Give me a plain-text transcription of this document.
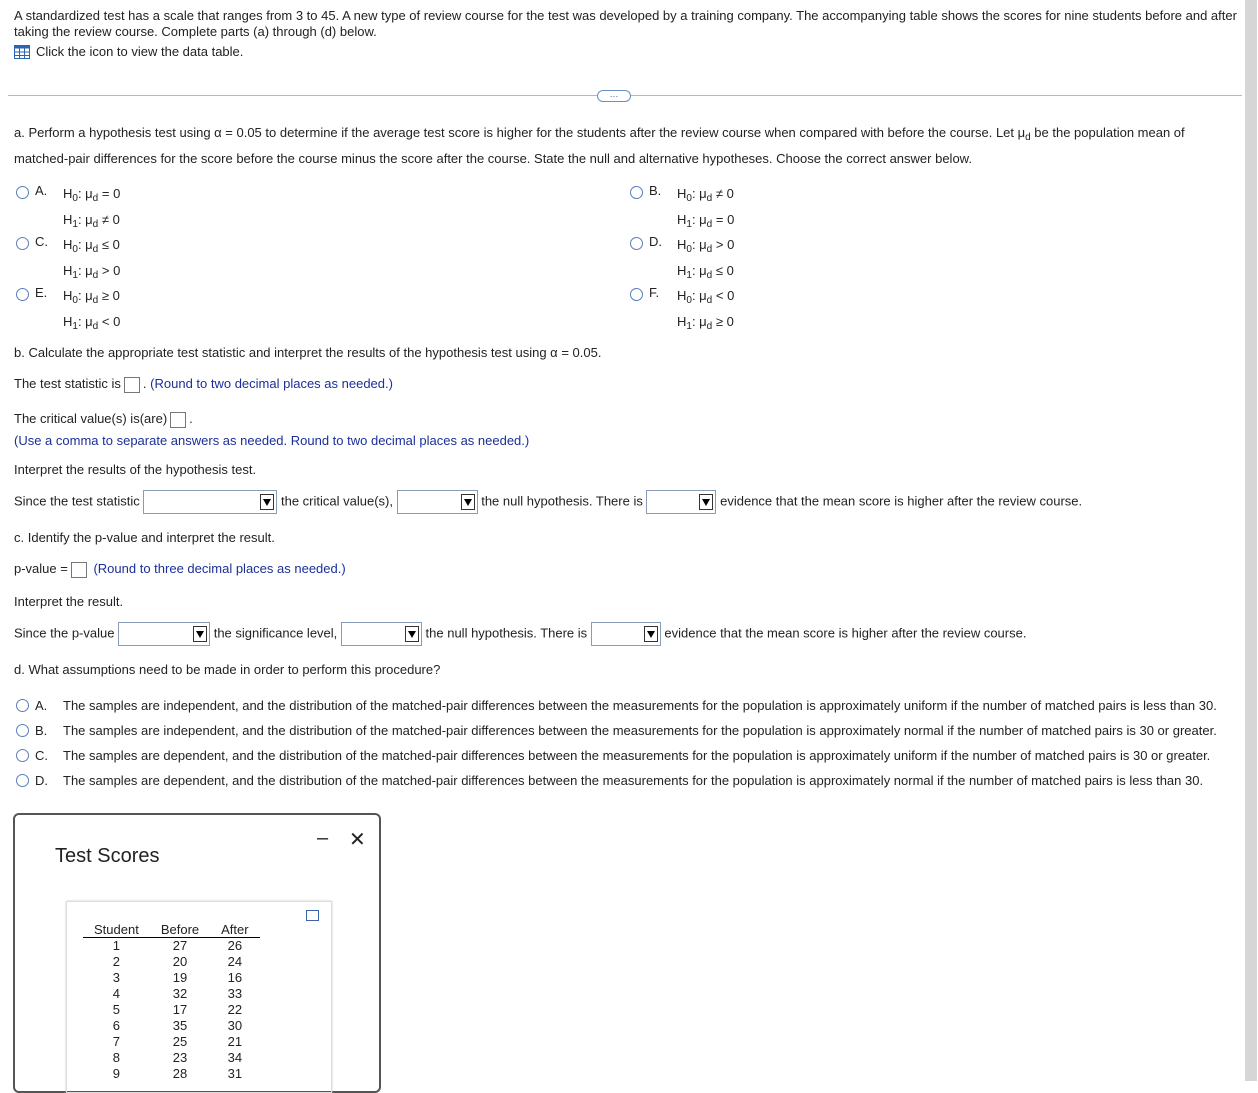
A standardized test has a scale that ranges from 3 to 45. A new type of review course for the test was developed by a training company. The accompanying table shows the scores for nine students before and after taking the review course. Complete parts (a) through (d) below.
Click the icon to view the data table.
…
a. Perform a hypothesis test using α = 0.05 to determine if the average test score is higher for the students after the review course when compared with before the course. Let $\mu_d$ be the population mean of matched-pair differences for the score before the course minus the score after the course. State the null and alternative hypotheses. Choose the correct answer below.
A.	$H_0$: $\mu_d = 0$
$H_1$: $\mu_d \ne 0$
B.	$H_0$: $\mu_d \ne 0$
$H_1$: $\mu_d = 0$
C.	$H_0$: $\mu_d \le 0$
$H_1$: $\mu_d > 0$
D.	$H_0$: $\mu_d > 0$
$H_1$: $\mu_d \le 0$
E.	$H_0$: $\mu_d \ge 0$
$H_1$: $\mu_d < 0$
F.	$H_0$: $\mu_d < 0$
$H_1$: $\mu_d \ge 0$
b. Calculate the appropriate test statistic and interpret the results of the hypothesis test using α = 0.05.
The test statistic is . (Round to two decimal places as needed.)
The critical value(s) is(are) .
(Use a comma to separate answers as needed. Round to two decimal places as needed.)
Interpret the results of the hypothesis test.
Since the test statistic	the critical value(s),	the null hypothesis. There is	evidence that the mean score is higher after the review course.
c. Identify the p-value and interpret the result.
p-value = (Round to three decimal places as needed.)
Interpret the result.
Since the p-value	the significance level,	the null hypothesis. There is	evidence that the mean score is higher after the review course.
d. What assumptions need to be made in order to perform this procedure?
A.	The samples are independent, and the distribution of the matched-pair differences between the measurements for the population is approximately uniform if the number of matched pairs is less than 30.
B.	The samples are independent, and the distribution of the matched-pair differences between the measurements for the population is approximately normal if the number of matched pairs is 30 or greater.
C.	The samples are dependent, and the distribution of the matched-pair differences between the measurements for the population is approximately uniform if the number of matched pairs is 30 or greater.
D.	The samples are dependent, and the distribution of the matched-pair differences between the measurements for the population is approximately normal if the number of matched pairs is less than 30.
Test Scores
– ✕
Student	Before	After
1	27	26
2	20	24
3	19	16
4	32	33
5	17	22
6	35	30
7	25	21
8	23	34
9	28	31
